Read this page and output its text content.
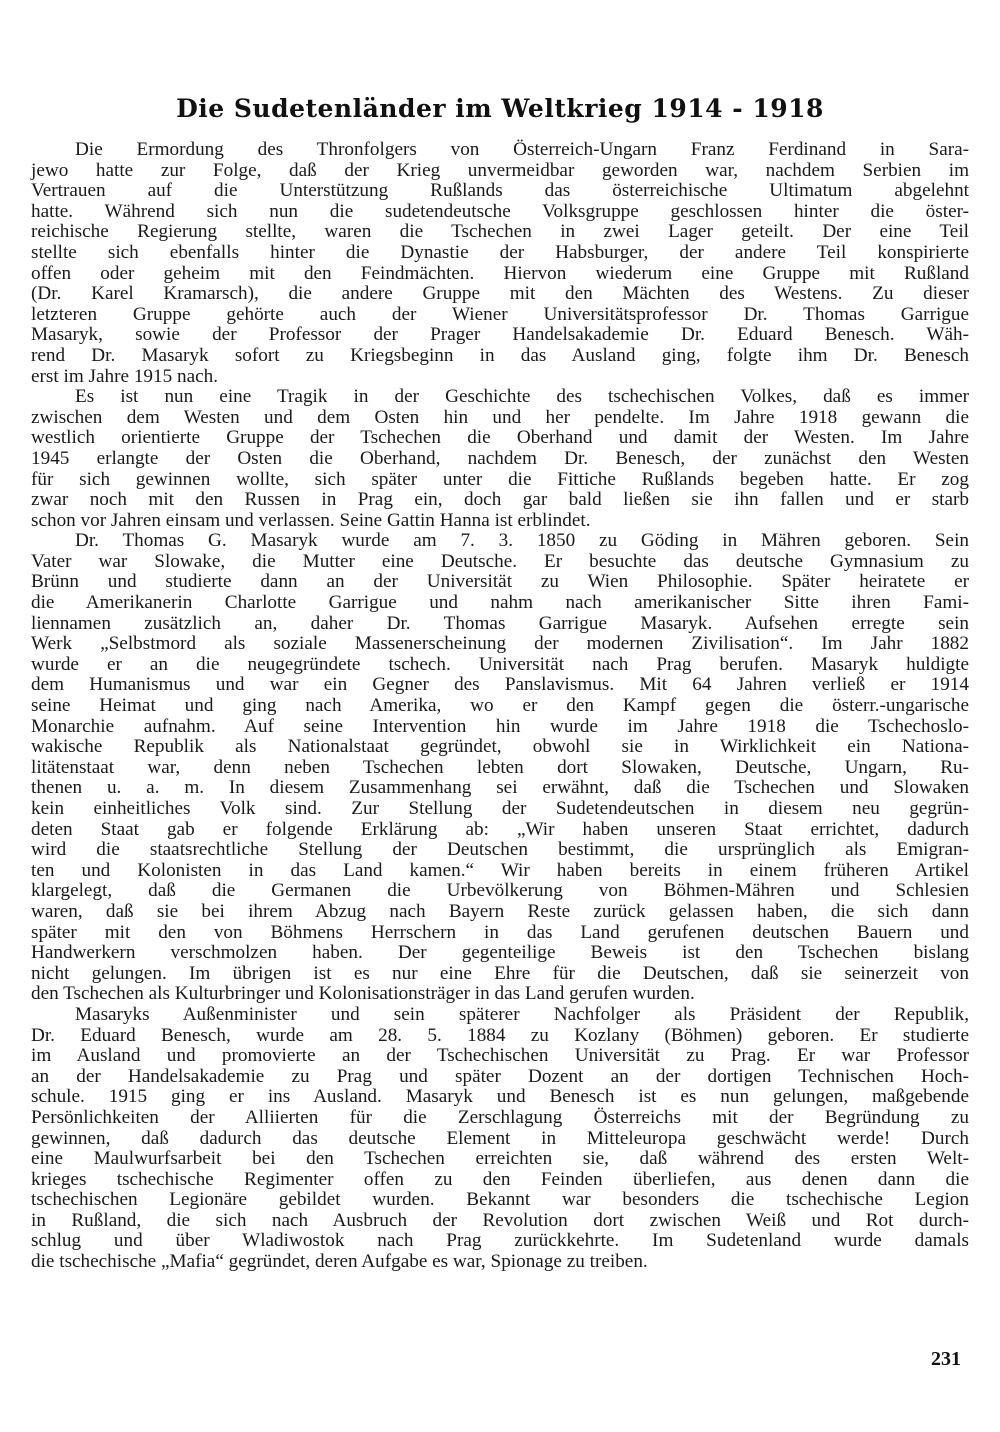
Die Sudetenländer im Weltkrieg 1914 - 1918
Die Ermordung des Thronfolgers von Österreich-Ungarn Franz Ferdinand in Sara-
jewo hatte zur Folge, daß der Krieg unvermeidbar geworden war, nachdem Serbien im
Vertrauen auf die Unterstützung Rußlands das österreichische Ultimatum abgelehnt
hatte. Während sich nun die sudetendeutsche Volksgruppe geschlossen hinter die öster-
reichische Regierung stellte, waren die Tschechen in zwei Lager geteilt. Der eine Teil
stellte sich ebenfalls hinter die Dynastie der Habsburger, der andere Teil konspirierte
offen oder geheim mit den Feindmächten. Hiervon wiederum eine Gruppe mit Rußland
(Dr. Karel Kramarsch), die andere Gruppe mit den Mächten des Westens. Zu dieser
letzteren Gruppe gehörte auch der Wiener Universitätsprofessor Dr. Thomas Garrigue
Masaryk, sowie der Professor der Prager Handelsakademie Dr. Eduard Benesch. Wäh-
rend Dr. Masaryk sofort zu Kriegsbeginn in das Ausland ging, folgte ihm Dr. Benesch
erst im Jahre 1915 nach.
Es ist nun eine Tragik in der Geschichte des tschechischen Volkes, daß es immer
zwischen dem Westen und dem Osten hin und her pendelte. Im Jahre 1918 gewann die
westlich orientierte Gruppe der Tschechen die Oberhand und damit der Westen. Im Jahre
1945 erlangte der Osten die Oberhand, nachdem Dr. Benesch, der zunächst den Westen
für sich gewinnen wollte, sich später unter die Fittiche Rußlands begeben hatte. Er zog
zwar noch mit den Russen in Prag ein, doch gar bald ließen sie ihn fallen und er starb
schon vor Jahren einsam und verlassen. Seine Gattin Hanna ist erblindet.
Dr. Thomas G. Masaryk wurde am 7. 3. 1850 zu Göding in Mähren geboren. Sein
Vater war Slowake, die Mutter eine Deutsche. Er besuchte das deutsche Gymnasium zu
Brünn und studierte dann an der Universität zu Wien Philosophie. Später heiratete er
die Amerikanerin Charlotte Garrigue und nahm nach amerikanischer Sitte ihren Fami-
liennamen zusätzlich an, daher Dr. Thomas Garrigue Masaryk. Aufsehen erregte sein
Werk „Selbstmord als soziale Massenerscheinung der modernen Zivilisation“. Im Jahr 1882
wurde er an die neugegründete tschech. Universität nach Prag berufen. Masaryk huldigte
dem Humanismus und war ein Gegner des Panslavismus. Mit 64 Jahren verließ er 1914
seine Heimat und ging nach Amerika, wo er den Kampf gegen die österr.-ungarische
Monarchie aufnahm. Auf seine Intervention hin wurde im Jahre 1918 die Tschechoslo-
wakische Republik als Nationalstaat gegründet, obwohl sie in Wirklichkeit ein Nationa-
litätenstaat war, denn neben Tschechen lebten dort Slowaken, Deutsche, Ungarn, Ru-
thenen u. a. m. In diesem Zusammenhang sei erwähnt, daß die Tschechen und Slowaken
kein einheitliches Volk sind. Zur Stellung der Sudetendeutschen in diesem neu gegrün-
deten Staat gab er folgende Erklärung ab: „Wir haben unseren Staat errichtet, dadurch
wird die staatsrechtliche Stellung der Deutschen bestimmt, die ursprünglich als Emigran-
ten und Kolonisten in das Land kamen.“ Wir haben bereits in einem früheren Artikel
klargelegt, daß die Germanen die Urbevölkerung von Böhmen-Mähren und Schlesien
waren, daß sie bei ihrem Abzug nach Bayern Reste zurück gelassen haben, die sich dann
später mit den von Böhmens Herrschern in das Land gerufenen deutschen Bauern und
Handwerkern verschmolzen haben. Der gegenteilige Beweis ist den Tschechen bislang
nicht gelungen. Im übrigen ist es nur eine Ehre für die Deutschen, daß sie seinerzeit von
den Tschechen als Kulturbringer und Kolonisationsträger in das Land gerufen wurden.
Masaryks Außenminister und sein späterer Nachfolger als Präsident der Republik,
Dr. Eduard Benesch, wurde am 28. 5. 1884 zu Kozlany (Böhmen) geboren. Er studierte
im Ausland und promovierte an der Tschechischen Universität zu Prag. Er war Professor
an der Handelsakademie zu Prag und später Dozent an der dortigen Technischen Hoch-
schule. 1915 ging er ins Ausland. Masaryk und Benesch ist es nun gelungen, maßgebende
Persönlichkeiten der Alliierten für die Zerschlagung Österreichs mit der Begründung zu
gewinnen, daß dadurch das deutsche Element in Mitteleuropa geschwächt werde! Durch
eine Maulwurfsarbeit bei den Tschechen erreichten sie, daß während des ersten Welt-
krieges tschechische Regimenter offen zu den Feinden überliefen, aus denen dann die
tschechischen Legionäre gebildet wurden. Bekannt war besonders die tschechische Legion
in Rußland, die sich nach Ausbruch der Revolution dort zwischen Weiß und Rot durch-
schlug und über Wladiwostok nach Prag zurückkehrte. Im Sudetenland wurde damals
die tschechische „Mafia“ gegründet, deren Aufgabe es war, Spionage zu treiben.
231
